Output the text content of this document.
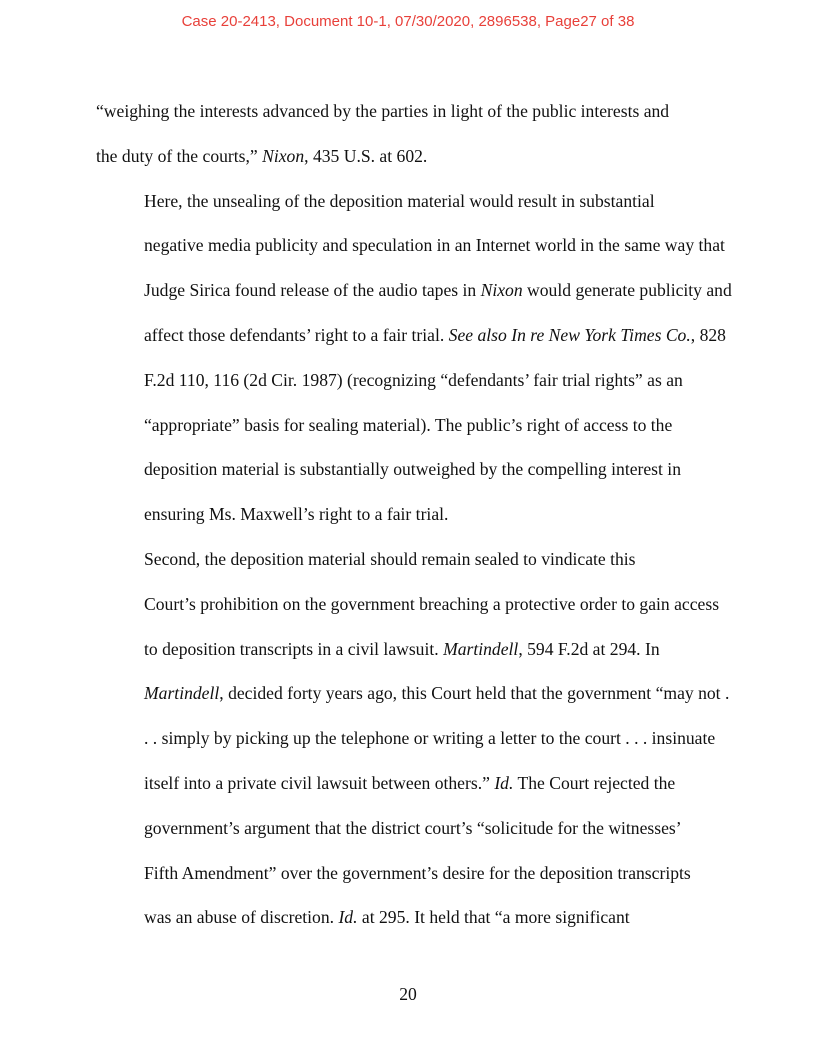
Case 20-2413, Document 10-1, 07/30/2020, 2896538, Page27 of 38

“weighing the interests advanced by the parties in light of the public interests and
the duty of the courts,” Nixon, 435 U.S. at 602.

Here, the unsealing of the deposition material would result in substantial
negative media publicity and speculation in an Internet world in the same way that
Judge Sirica found release of the audio tapes in Nixon would generate publicity and
affect those defendants’ right to a fair trial. See also In re New York Times Co., 828
F.2d 110, 116 (2d Cir. 1987) (recognizing “defendants’ fair trial rights” as an
“appropriate” basis for sealing material). The public’s right of access to the
deposition material is substantially outweighed by the compelling interest in
ensuring Ms. Maxwell’s right to a fair trial.

Second, the deposition material should remain sealed to vindicate this
Court’s prohibition on the government breaching a protective order to gain access
to deposition transcripts in a civil lawsuit. Martindell, 594 F.2d at 294. In
Martindell, decided forty years ago, this Court held that the government “may not .
. . simply by picking up the telephone or writing a letter to the court . . . insinuate
itself into a private civil lawsuit between others.” Id. The Court rejected the
government’s argument that the district court’s “solicitude for the witnesses’
Fifth Amendment” over the government’s desire for the deposition transcripts
was an abuse of discretion. Id. at 295. It held that “a more significant

20
